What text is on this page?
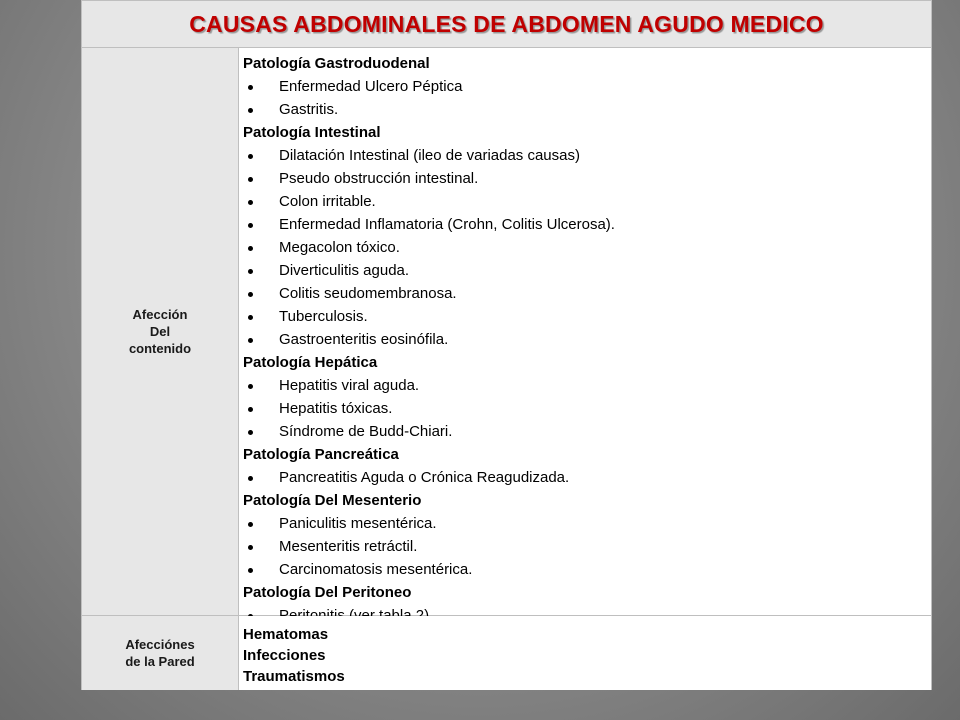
CAUSAS ABDOMINALES DE ABDOMEN AGUDO MEDICO
Afección
Del
contenido

Patología Gastroduodenal

Enfermedad Ulcero Péptica

Gastritis.

Patología Intestinal

Dilatación Intestinal (ileo de variadas causas)

Pseudo obstrucción intestinal.

Colon irritable.

Enfermedad Inflamatoria (Crohn, Colitis Ulcerosa).

Megacolon tóxico.

Diverticulitis aguda.

Colitis seudomembranosa.

Tuberculosis.

Gastroenteritis eosinófila.

Patología Hepática

Hepatitis viral aguda.

Hepatitis tóxicas.

Síndrome de Budd-Chiari.

Patología Pancreática

Pancreatitis Aguda o Crónica Reagudizada.

Patología Del Mesenterio

Paniculitis mesentérica.

Mesenteritis retráctil.

Carcinomatosis mesentérica.

Patología Del Peritoneo

Afecciónes
de la Pared

Hematomas

Infecciones

Traumatismos
